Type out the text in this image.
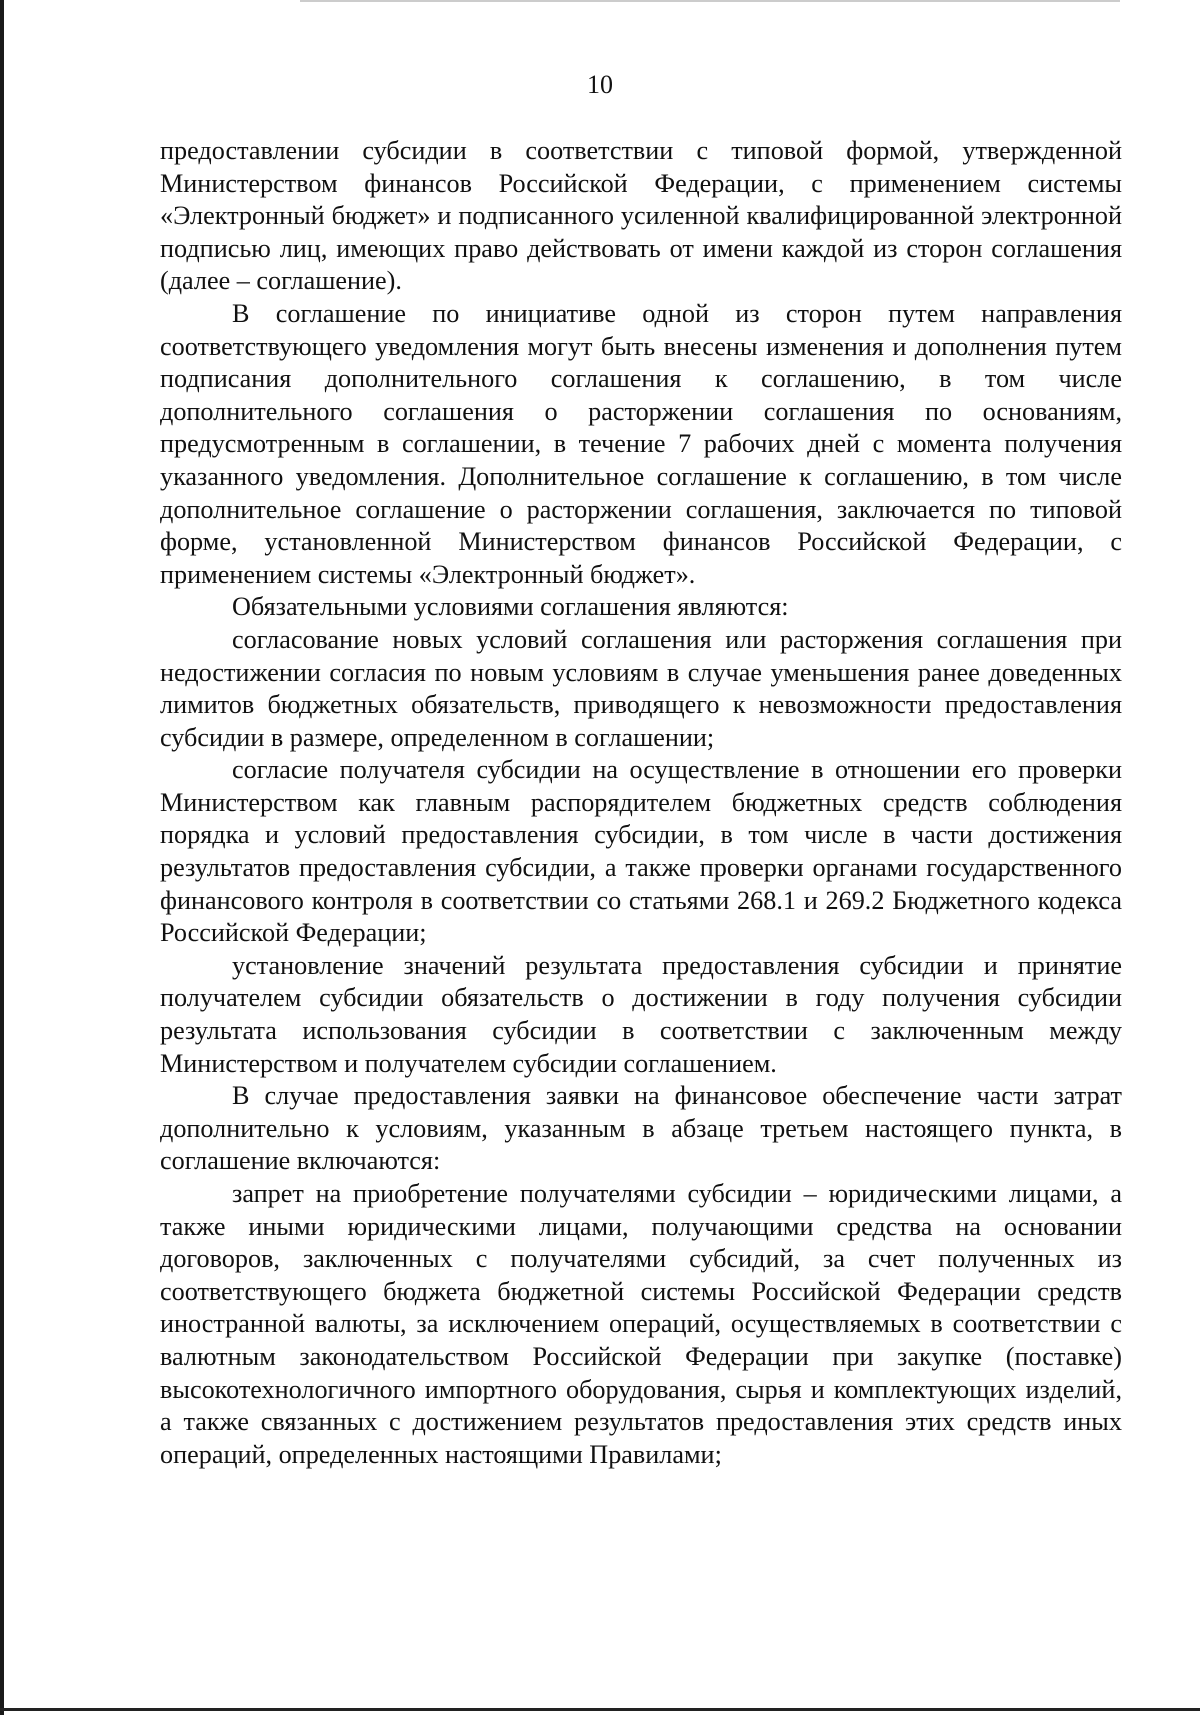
10

предоставлении субсидии в соответствии с типовой формой, утвержденной Министерством финансов Российской Федерации, с применением системы «Электронный бюджет» и подписанного усиленной квалифицированной электронной подписью лиц, имеющих право действовать от имени каждой из сторон соглашения (далее – соглашение).

В соглашение по инициативе одной из сторон путем направления соответствующего уведомления могут быть внесены изменения и дополнения путем подписания дополнительного соглашения к соглашению, в том числе дополнительного соглашения о расторжении соглашения по основаниям, предусмотренным в соглашении, в течение 7 рабочих дней с момента получения указанного уведомления. Дополнительное соглашение к соглашению, в том числе дополнительное соглашение о расторжении соглашения, заключается по типовой форме, установленной Министерством финансов Российской Федерации, с применением системы «Электронный бюджет».

Обязательными условиями соглашения являются:

согласование новых условий соглашения или расторжения соглашения при недостижении согласия по новым условиям в случае уменьшения ранее доведенных лимитов бюджетных обязательств, приводящего к невозможности предоставления субсидии в размере, определенном в соглашении;

согласие получателя субсидии на осуществление в отношении его проверки Министерством как главным распорядителем бюджетных средств соблюдения порядка и условий предоставления субсидии, в том числе в части достижения результатов предоставления субсидии, а также проверки органами государственного финансового контроля в соответствии со статьями 268.1 и 269.2 Бюджетного кодекса Российской Федерации;

установление значений результата предоставления субсидии и принятие получателем субсидии обязательств о достижении в году получения субсидии результата использования субсидии в соответствии с заключенным между Министерством и получателем субсидии соглашением.

В случае предоставления заявки на финансовое обеспечение части затрат дополнительно к условиям, указанным в абзаце третьем настоящего пункта, в соглашение включаются:

запрет на приобретение получателями субсидии – юридическими лицами, а также иными юридическими лицами, получающими средства на основании договоров, заключенных с получателями субсидий, за счет полученных из соответствующего бюджета бюджетной системы Российской Федерации средств иностранной валюты, за исключением операций, осуществляемых в соответствии с валютным законодательством Российской Федерации при закупке (поставке) высокотехнологичного импортного оборудования, сырья и комплектующих изделий, а также связанных с достижением результатов предоставления этих средств иных операций, определенных настоящими Правилами;
